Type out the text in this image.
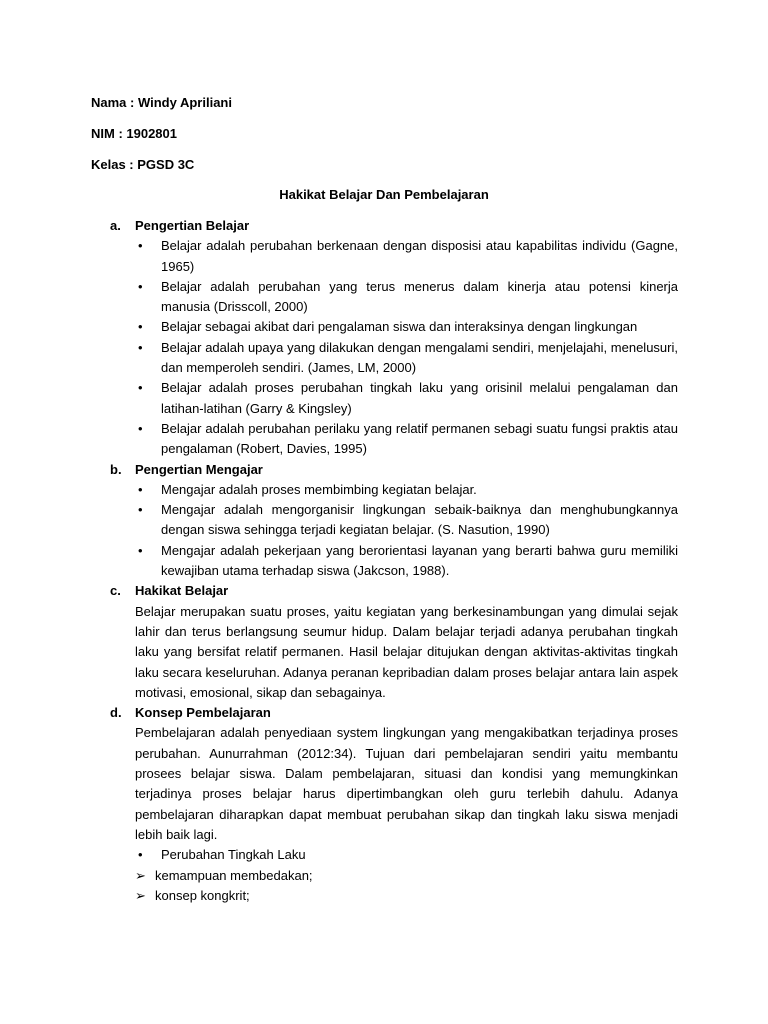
Nama : Windy Apriliani
NIM : 1902801
Kelas : PGSD 3C
Hakikat Belajar Dan Pembelajaran
a.	Pengertian Belajar
• Belajar adalah perubahan berkenaan dengan disposisi atau kapabilitas individu (Gagne, 1965)
• Belajar adalah perubahan yang terus menerus dalam kinerja atau potensi kinerja manusia (Drisscoll, 2000)
• Belajar sebagai akibat dari pengalaman siswa dan interaksinya dengan lingkungan
• Belajar adalah upaya yang dilakukan dengan mengalami sendiri, menjelajahi, menelusuri, dan memperoleh sendiri. (James, LM, 2000)
• Belajar adalah proses perubahan tingkah laku yang orisinil melalui pengalaman dan latihan-latihan (Garry & Kingsley)
• Belajar adalah perubahan perilaku yang relatif permanen sebagi suatu fungsi praktis atau pengalaman (Robert, Davies, 1995)
b.	Pengertian Mengajar
• Mengajar adalah proses membimbing kegiatan belajar.
• Mengajar adalah mengorganisir lingkungan sebaik-baiknya dan menghubungkannya dengan siswa sehingga terjadi kegiatan belajar. (S. Nasution, 1990)
• Mengajar adalah pekerjaan yang berorientasi layanan yang berarti bahwa guru memiliki kewajiban utama terhadap siswa (Jakcson, 1988).
c.	Hakikat Belajar
Belajar merupakan suatu proses, yaitu kegiatan yang berkesinambungan yang dimulai sejak lahir dan terus berlangsung seumur hidup. Dalam belajar terjadi adanya perubahan tingkah laku yang bersifat relatif permanen. Hasil belajar ditujukan dengan aktivitas-aktivitas tingkah laku secara keseluruhan. Adanya peranan kepribadian dalam proses belajar antara lain aspek motivasi, emosional, sikap dan sebagainya.
d.	Konsep Pembelajaran
Pembelajaran adalah penyediaan system lingkungan yang mengakibatkan terjadinya proses perubahan. Aunurrahman (2012:34). Tujuan dari pembelajaran sendiri yaitu membantu prosees belajar siswa. Dalam pembelajaran, situasi dan kondisi yang memungkinkan terjadinya proses belajar harus dipertimbangkan oleh guru terlebih dahulu. Adanya pembelajaran diharapkan dapat membuat perubahan sikap dan tingkah laku siswa menjadi lebih baik lagi.
• Perubahan Tingkah Laku
➢ kemampuan membedakan;
➢ konsep kongkrit;
